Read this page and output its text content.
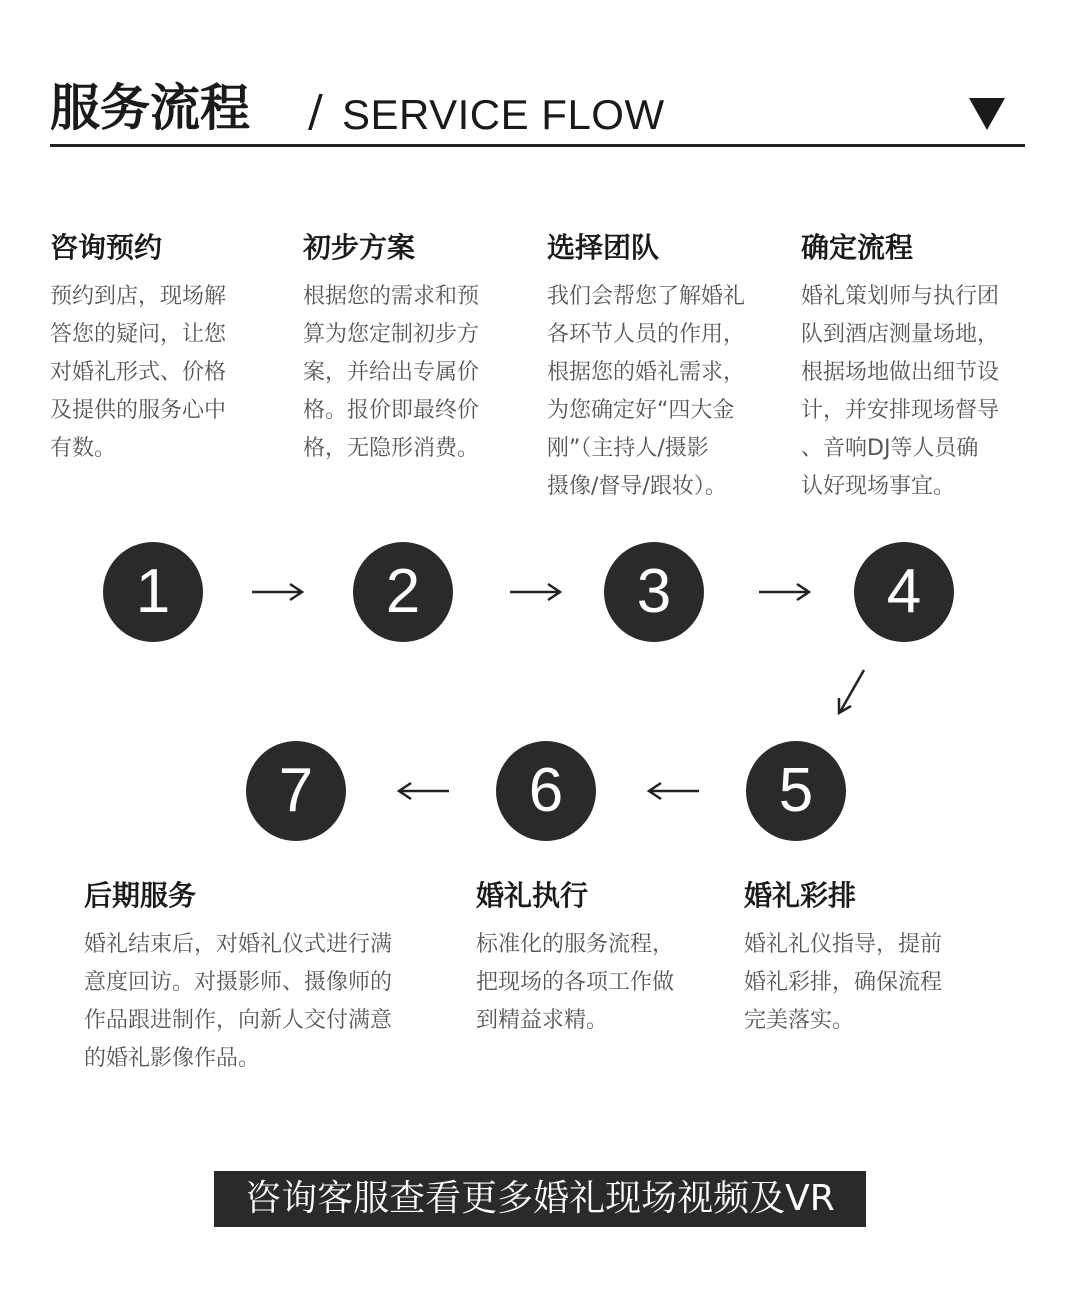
服务流程 / SERVICE FLOW
咨询预约
预约到店，现场解
答您的疑问，让您
对婚礼形式、价格
及提供的服务心中
有数。
初步方案
根据您的需求和预
算为您定制初步方
案，并给出专属价
格。报价即最终价
格，无隐形消费。
选择团队
我们会帮您了解婚礼
各环节人员的作用，
根据您的婚礼需求，
为您确定好“四大金
刚”（主持人/摄影
摄像/督导/跟妆）。
确定流程
婚礼策划师与执行团
队到酒店测量场地，
根据场地做出细节设
计，并安排现场督导
、音响DJ等人员确
认好现场事宜。
1	2	3	4
5
6
7
后期服务
婚礼结束后，对婚礼仪式进行满
意度回访。对摄影师、摄像师的
作品跟进制作，向新人交付满意
的婚礼影像作品。
婚礼执行
标准化的服务流程，
把现场的各项工作做
到精益求精。
婚礼彩排
婚礼礼仪指导，提前
婚礼彩排，确保流程
完美落实。
咨询客服查看更多婚礼现场视频及VR
